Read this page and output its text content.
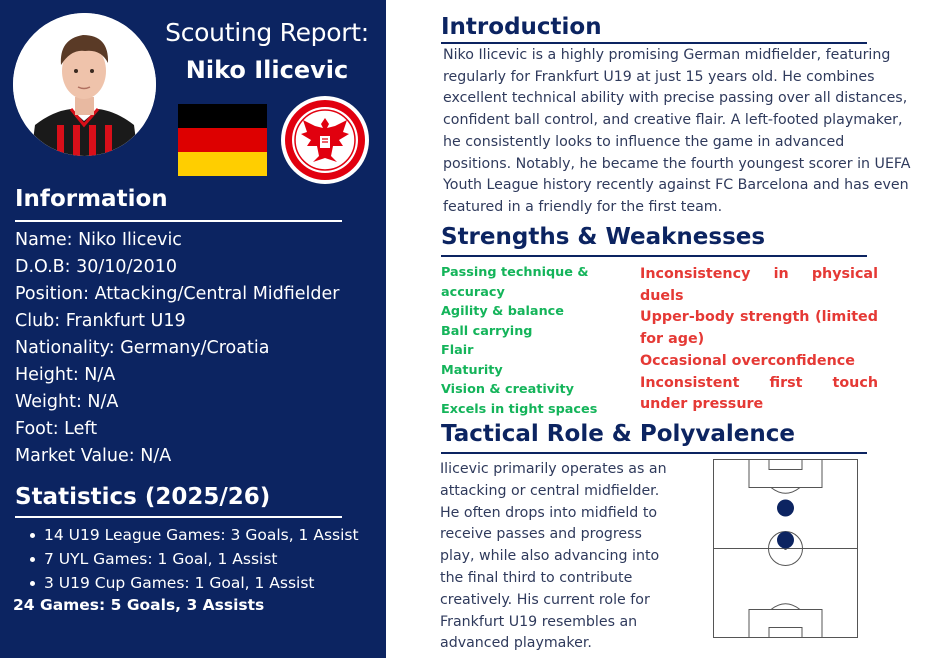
Scouting Report:
Niko Ilicevic
Information
Name: Niko Ilicevic
D.O.B: 30/10/2010
Position: Attacking/Central Midfielder
Club: Frankfurt U19
Nationality: Germany/Croatia
Height: N/A
Weight: N/A
Foot: Left
Market Value: N/A
Statistics (2025/26)
14 U19 League Games: 3 Goals, 1 Assist
7 UYL Games: 1 Goal, 1 Assist
3 U19 Cup Games: 1 Goal, 1 Assist
24 Games: 5 Goals, 3 Assists
Introduction

Niko Ilicevic is a highly promising German midfielder, featuring regularly for Frankfurt U19 at just 15 years old. He combines excellent technical ability with precise passing over all distances, confident ball control, and creative flair. A left-footed playmaker, he consistently looks to influence the game in advanced positions. Notably, he became the fourth youngest scorer in UEFA Youth League history recently against FC Barcelona and has even featured in a friendly for the first team.

Strengths & Weaknesses
Passing technique & accuracy
Agility & balance
Ball carrying
Flair
Maturity
Vision & creativity
Excels in tight spaces
Inconsistency in physical duels
Upper-body strength (limited for age)
Occasional overconfidence
Inconsistent first touch under pressure
Tactical Role & Polyvalence

Ilicevic primarily operates as an attacking or central midfielder. He often drops into midfield to receive passes and progress play, while also advancing into the final third to contribute creatively. His current role for Frankfurt U19 resembles an advanced playmaker.
